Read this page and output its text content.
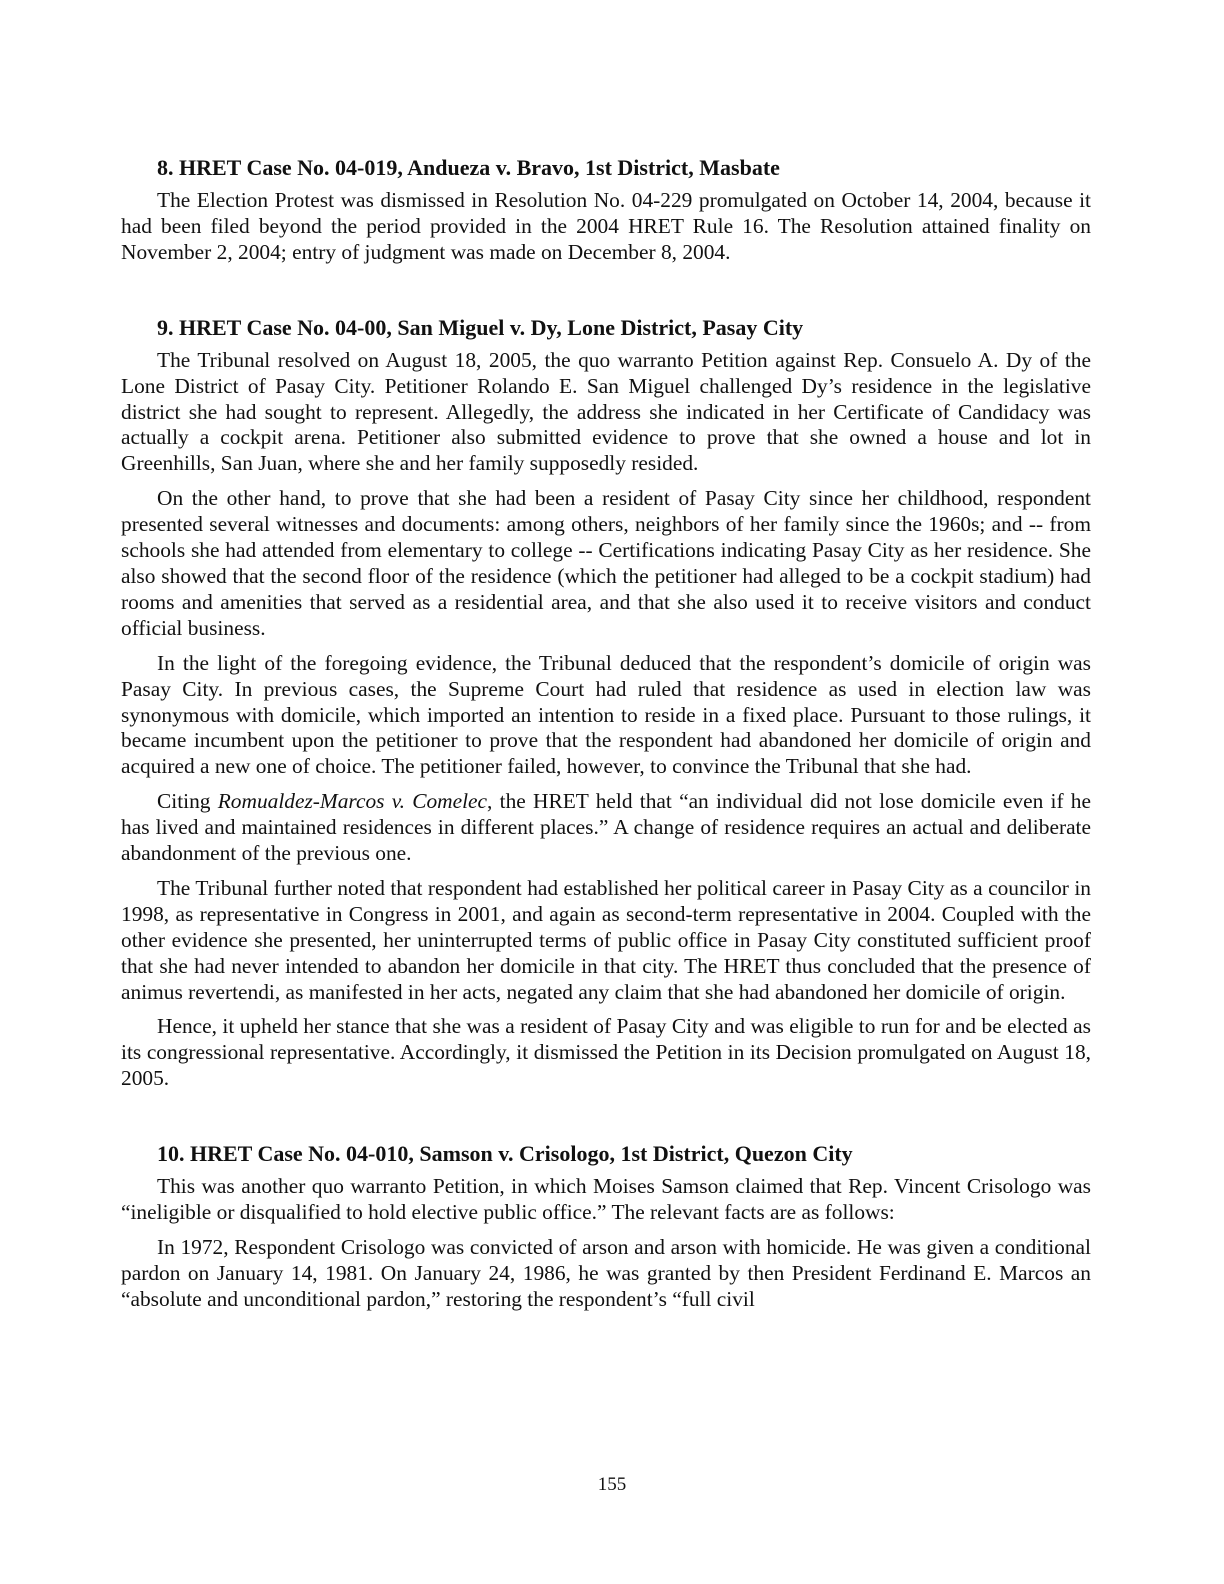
8. HRET Case No. 04-019, Andueza v. Bravo, 1st District, Masbate

The Election Protest was dismissed in Resolution No. 04-229 promulgated on October 14, 2004, because it had been filed beyond the period provided in the 2004 HRET Rule 16. The Resolution attained finality on November 2, 2004; entry of judgment was made on December 8, 2004.

9. HRET Case No. 04-00, San Miguel v. Dy, Lone District, Pasay City

The Tribunal resolved on August 18, 2005, the quo warranto Petition against Rep. Consuelo A. Dy of the Lone District of Pasay City. Petitioner Rolando E. San Miguel challenged Dy’s residence in the legislative district she had sought to represent. Allegedly, the address she indicated in her Certificate of Candidacy was actually a cockpit arena. Petitioner also submitted evidence to prove that she owned a house and lot in Greenhills, San Juan, where she and her family supposedly resided.

On the other hand, to prove that she had been a resident of Pasay City since her childhood, respondent presented several witnesses and documents: among others, neighbors of her family since the 1960s; and -- from schools she had attended from elementary to college -- Certifications indicating Pasay City as her residence. She also showed that the second floor of the residence (which the petitioner had alleged to be a cockpit stadium) had rooms and amenities that served as a residential area, and that she also used it to receive visitors and conduct official business.

In the light of the foregoing evidence, the Tribunal deduced that the respondent’s domicile of origin was Pasay City. In previous cases, the Supreme Court had ruled that residence as used in election law was synonymous with domicile, which imported an intention to reside in a fixed place. Pursuant to those rulings, it became incumbent upon the petitioner to prove that the respondent had abandoned her domicile of origin and acquired a new one of choice. The petitioner failed, however, to convince the Tribunal that she had.

Citing Romualdez-Marcos v. Comelec, the HRET held that “an individual did not lose domicile even if he has lived and maintained residences in different places.” A change of residence requires an actual and deliberate abandonment of the previous one.

The Tribunal further noted that respondent had established her political career in Pasay City as a councilor in 1998, as representative in Congress in 2001, and again as second-term representative in 2004. Coupled with the other evidence she presented, her uninterrupted terms of public office in Pasay City constituted sufficient proof that she had never intended to abandon her domicile in that city. The HRET thus concluded that the presence of animus revertendi, as manifested in her acts, negated any claim that she had abandoned her domicile of origin.

Hence, it upheld her stance that she was a resident of Pasay City and was eligible to run for and be elected as its congressional representative. Accordingly, it dismissed the Petition in its Decision promulgated on August 18, 2005.

10. HRET Case No. 04-010, Samson v. Crisologo, 1st District, Quezon City

This was another quo warranto Petition, in which Moises Samson claimed that Rep. Vincent Crisologo was “ineligible or disqualified to hold elective public office.” The relevant facts are as follows:

In 1972, Respondent Crisologo was convicted of arson and arson with homicide. He was given a conditional pardon on January 14, 1981. On January 24, 1986, he was granted by then President Ferdinand E. Marcos an “absolute and unconditional pardon,” restoring the respondent’s “full civil

155
